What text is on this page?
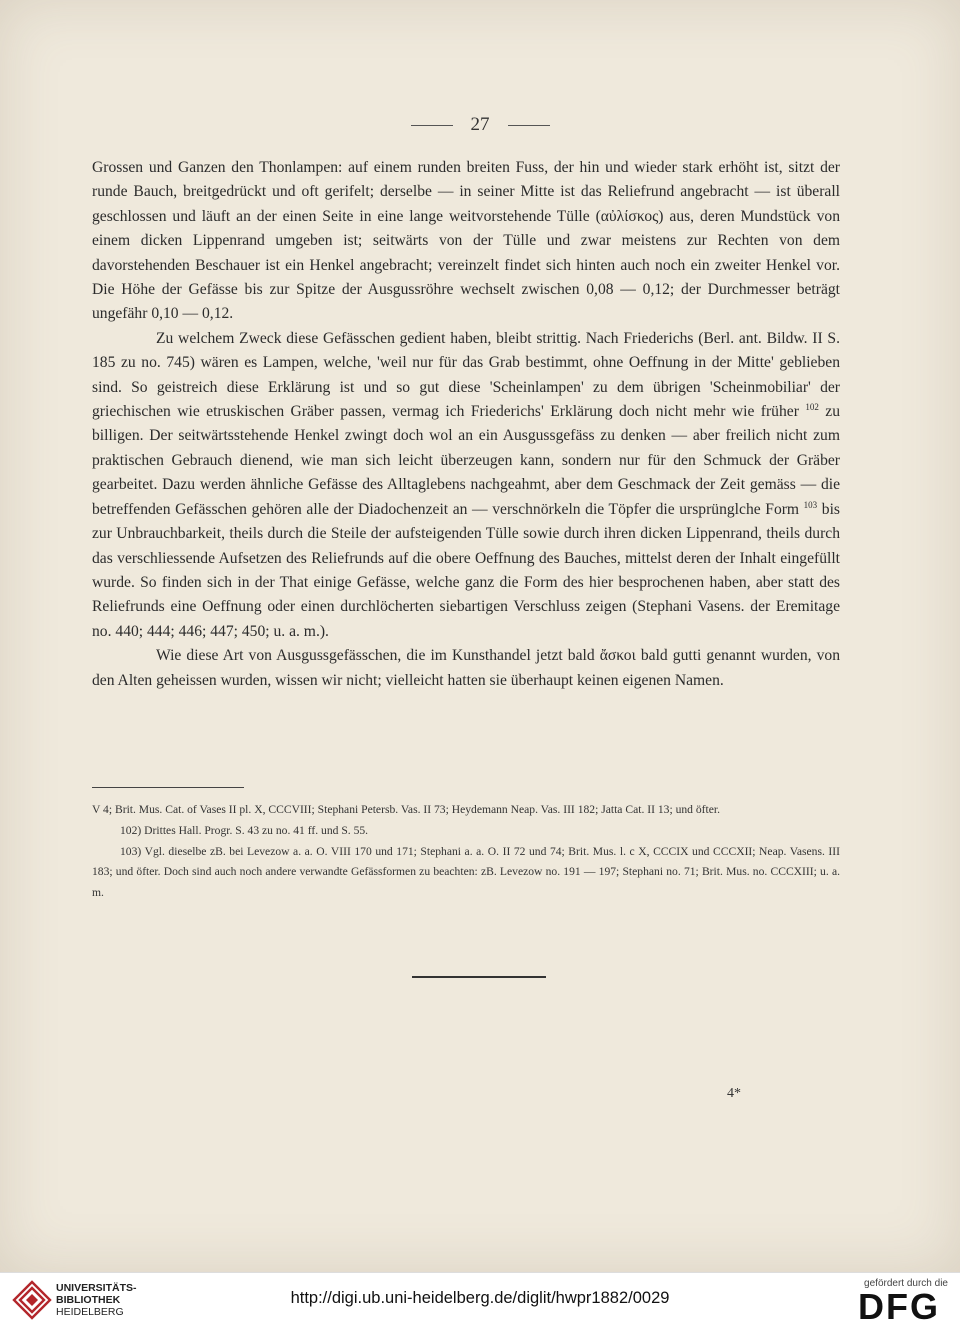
27

Grossen und Ganzen den Thonlampen: auf einem runden breiten Fuss, der hin und wieder stark erhöht ist, sitzt der runde Bauch, breitgedrückt und oft gerifelt; derselbe — in seiner Mitte ist das Reliefrund angebracht — ist überall geschlossen und läuft an der einen Seite in eine lange weitvorstehende Tülle (αὐλίσκος) aus, deren Mundstück von einem dicken Lippenrand umgeben ist; seitwärts von der Tülle und zwar meistens zur Rechten von dem davorstehenden Beschauer ist ein Henkel angebracht; vereinzelt findet sich hinten auch noch ein zweiter Henkel vor. Die Höhe der Gefässe bis zur Spitze der Ausgussröhre wechselt zwischen 0,08 — 0,12; der Durchmesser beträgt ungefähr 0,10 — 0,12.

Zu welchem Zweck diese Gefässchen gedient haben, bleibt strittig. Nach Friederichs (Berl. ant. Bildw. II S. 185 zu no. 745) wären es Lampen, welche, 'weil nur für das Grab bestimmt, ohne Oeffnung in der Mitte' geblieben sind. So geistreich diese Erklärung ist und so gut diese 'Scheinlampen' zu dem übrigen 'Scheinmobiliar' der griechischen wie etruskischen Gräber passen, vermag ich Friederichs' Erklärung doch nicht mehr wie früher $^{102}$ zu billigen. Der seitwärtsstehende Henkel zwingt doch wol an ein Ausgussgefäss zu denken — aber freilich nicht zum praktischen Gebrauch dienend, wie man sich leicht überzeugen kann, sondern nur für den Schmuck der Gräber gearbeitet. Dazu werden ähnliche Gefässe des Alltaglebens nachgeahmt, aber dem Geschmack der Zeit gemäss — die betreffenden Gefässchen gehören alle der Diadochenzeit an — verschnörkeln die Töpfer die ursprünglche Form $^{103}$ bis zur Unbrauchbarkeit, theils durch die Steile der aufsteigenden Tülle sowie durch ihren dicken Lippenrand, theils durch das verschliessende Aufsetzen des Reliefrunds auf die obere Oeffnung des Bauches, mittelst deren der Inhalt eingefüllt wurde. So finden sich in der That einige Gefässe, welche ganz die Form des hier besprochenen haben, aber statt des Reliefrunds eine Oeffnung oder einen durchlöcherten siebartigen Verschluss zeigen (Stephani Vasens. der Eremitage no. 440; 444; 446; 447; 450; u. a. m.).

Wie diese Art von Ausgussgefässchen, die im Kunsthandel jetzt bald ἄσκοι bald gutti genannt wurden, von den Alten geheissen wurden, wissen wir nicht; vielleicht hatten sie überhaupt keinen eigenen Namen.

V 4; Brit. Mus. Cat. of Vases II pl. X, CCCVIII; Stephani Petersb. Vas. II 73; Heydemann Neap. Vas. III 182; Jatta Cat. II 13; und öfter.

102) Drittes Hall. Progr. S. 43 zu no. 41 ff. und S. 55.

103) Vgl. dieselbe zB. bei Levezow a. a. O. VIII 170 und 171; Stephani a. a. O. II 72 und 74; Brit. Mus. l. c X, CCCIX und CCCXII; Neap. Vasens. III 183; und öfter. Doch sind auch noch andere verwandte Gefässformen zu beachten: zB. Levezow no. 191 — 197; Stephani no. 71; Brit. Mus. no. CCCXIII; u. a. m.

4*
UNIVERSITÄTS-
BIBLIOTHEK
HEIDELBERG
http://digi.ub.uni-heidelberg.de/diglit/hwpr1882/0029
gefördert durch die
DFG
